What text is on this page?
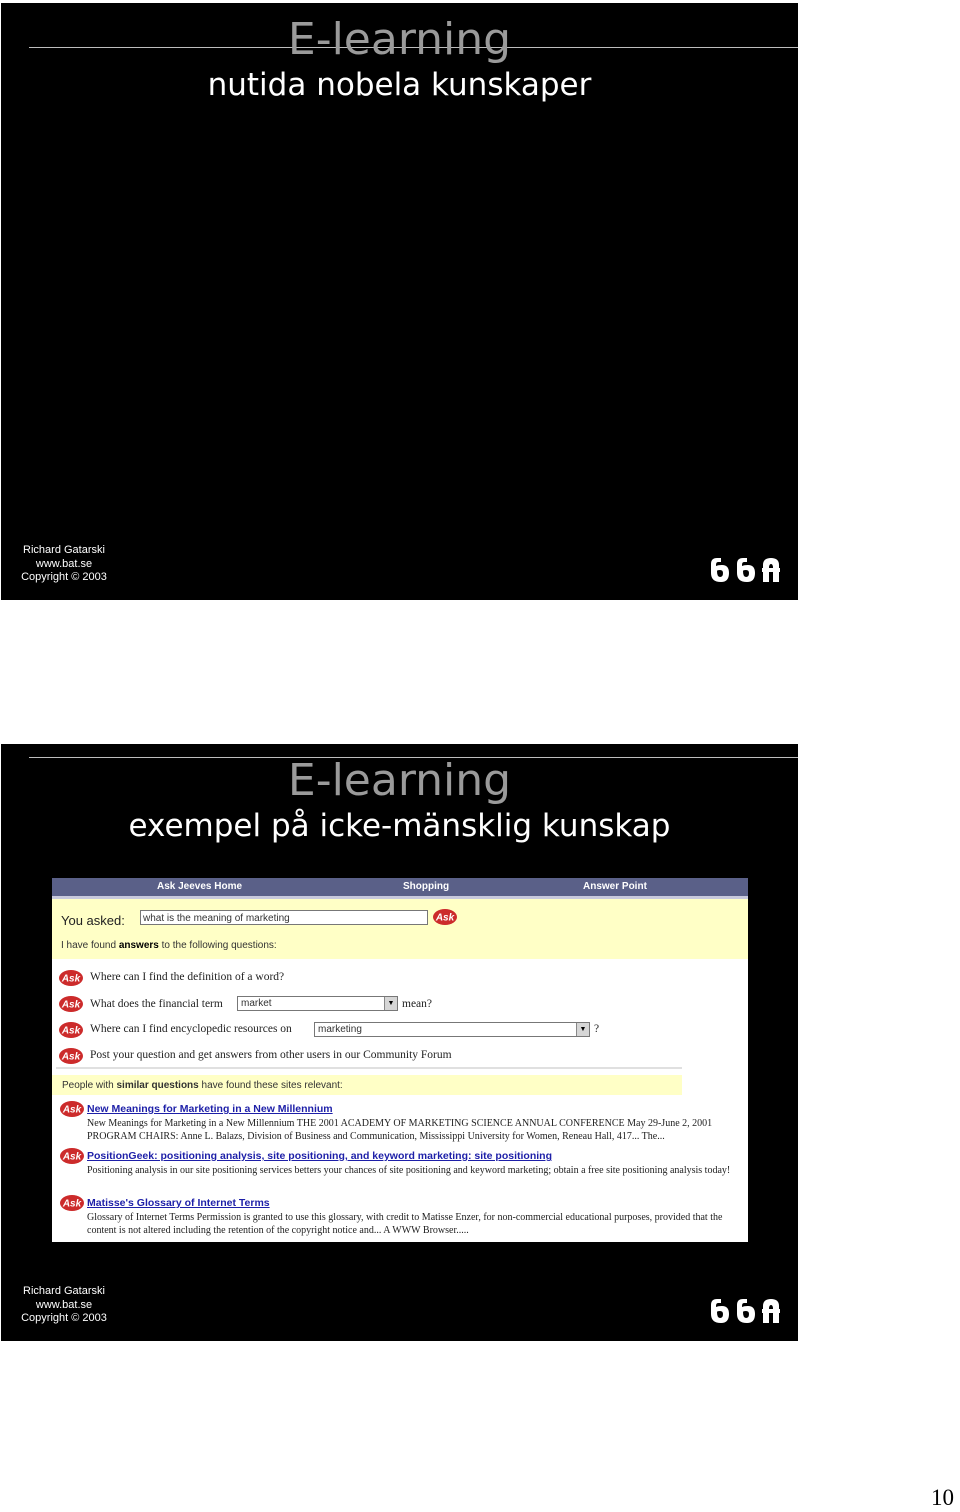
E-learning
nutida nobela kunskaper
Richard Gatarski
www.bat.se
Copyright © 2003
E-learning
exempel på icke-mänsklig kunskap
Ask Jeeves Home	Shopping	Answer Point
You asked:	what is the meaning of marketing	Ask
I have found answers to the following questions:
Where can I find the definition of a word?
What does the financial term	market	▼ mean?
Where can I find encyclopedic resources on	marketing	▼ ?
Post your question and get answers from other users in our Community Forum
People with similar questions have found these sites relevant:
New Meanings for Marketing in a New Millennium
New Meanings for Marketing in a New Millennium THE 2001 ACADEMY OF MARKETING SCIENCE ANNUAL CONFERENCE May 29-June 2, 2001 PROGRAM CHAIRS: Anne L. Balazs, Division of Business and Communication, Mississippi University for Women, Reneau Hall, 417... The...
PositionGeek: positioning analysis, site positioning, and keyword marketing: site positioning
Positioning analysis in our site positioning services betters your chances of site positioning and keyword marketing; obtain a free site positioning analysis today!
Matisse's Glossary of Internet Terms
Glossary of Internet Terms Permission is granted to use this glossary, with credit to Matisse Enzer, for non-commercial educational purposes, provided that the content is not altered including the retention of the copyright notice and... A WWW Browser.....
Richard Gatarski
www.bat.se
Copyright © 2003
10
